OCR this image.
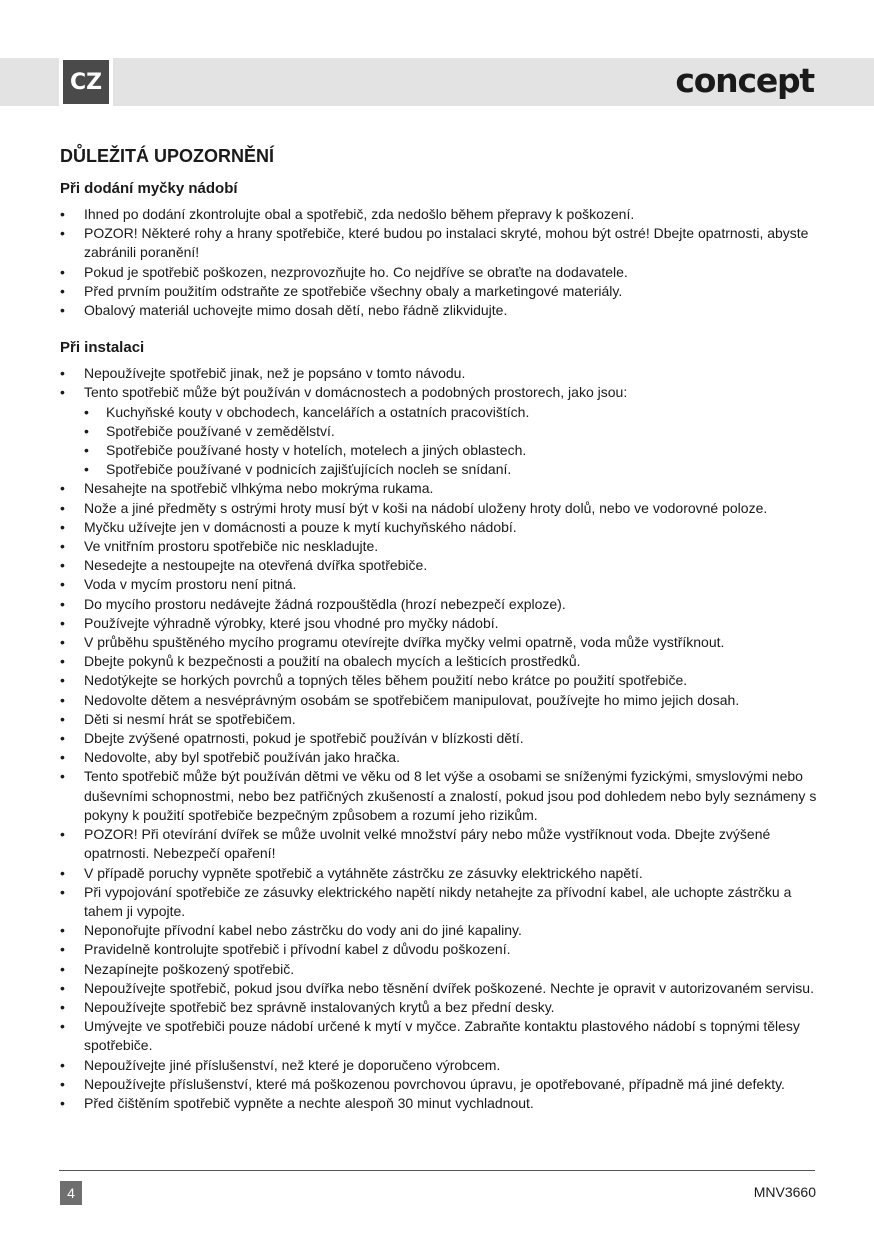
CZ	concept
DŮLEŽITÁ UPOZORNĚNÍ
Při dodání myčky nádobí
• Ihned po dodání zkontrolujte obal a spotřebič, zda nedošlo během přepravy k poškození.
• POZOR! Některé rohy a hrany spotřebiče, které budou po instalaci skryté, mohou být ostré! Dbejte opatrnosti, abyste zabránili poranění!
• Pokud je spotřebič poškozen, nezprovozňujte ho. Co nejdříve se obraťte na dodavatele.
• Před prvním použitím odstraňte ze spotřebiče všechny obaly a marketingové materiály.
• Obalový materiál uchovejte mimo dosah dětí, nebo řádně zlikvidujte.
Při instalaci
• Nepoužívejte spotřebič jinak, než je popsáno v tomto návodu.
• Tento spotřebič může být používán v domácnostech a podobných prostorech, jako jsou:
• Kuchyňské kouty v obchodech, kancelářích a ostatních pracovištích.
• Spotřebiče používané v zemědělství.
• Spotřebiče používané hosty v hotelích, motelech a jiných oblastech.
• Spotřebiče používané v podnicích zajišťujících nocleh se snídaní.
• Nesahejte na spotřebič vlhkýma nebo mokrýma rukama.
• Nože a jiné předměty s ostrými hroty musí být v koši na nádobí uloženy hroty dolů, nebo ve vodorovné poloze.
• Myčku užívejte jen v domácnosti a pouze k mytí kuchyňského nádobí.
• Ve vnitřním prostoru spotřebiče nic neskladujte.
• Nesedejte a nestoupejte na otevřená dvířka spotřebiče.
• Voda v mycím prostoru není pitná.
• Do mycího prostoru nedávejte žádná rozpouštědla (hrozí nebezpečí exploze).
• Používejte výhradně výrobky, které jsou vhodné pro myčky nádobí.
• V průběhu spuštěného mycího programu otevírejte dvířka myčky velmi opatrně, voda může vystříknout.
• Dbejte pokynů k bezpečnosti a použití na obalech mycích a lešticích prostředků.
• Nedotýkejte se horkých povrchů a topných těles během použití nebo krátce po použití spotřebiče.
• Nedovolte dětem a nesvéprávným osobám se spotřebičem manipulovat, používejte ho mimo jejich dosah.
• Děti si nesmí hrát se spotřebičem.
• Dbejte zvýšené opatrnosti, pokud je spotřebič používán v blízkosti dětí.
• Nedovolte, aby byl spotřebič používán jako hračka.
• Tento spotřebič může být používán dětmi ve věku od 8 let výše a osobami se sníženými fyzickými, smyslovými nebo duševními schopnostmi, nebo bez patřičných zkušeností a znalostí, pokud jsou pod dohledem nebo byly seznámeny s pokyny k použití spotřebiče bezpečným způsobem a rozumí jeho rizikům.
• POZOR! Při otevírání dvířek se může uvolnit velké množství páry nebo může vystříknout voda. Dbejte zvýšené opatrnosti. Nebezpečí opaření!
• V případě poruchy vypněte spotřebič a vytáhněte zástrčku ze zásuvky elektrického napětí.
• Při vypojování spotřebiče ze zásuvky elektrického napětí nikdy netahejte za přívodní kabel, ale uchopte zástrčku a tahem ji vypojte.
• Neponořujte přívodní kabel nebo zástrčku do vody ani do jiné kapaliny.
• Pravidelně kontrolujte spotřebič i přívodní kabel z důvodu poškození.
• Nezapínejte poškozený spotřebič.
• Nepoužívejte spotřebič, pokud jsou dvířka nebo těsnění dvířek poškozené. Nechte je opravit v autorizovaném servisu.
• Nepoužívejte spotřebič bez správně instalovaných krytů a bez přední desky.
• Umývejte ve spotřebiči pouze nádobí určené k mytí v myčce. Zabraňte kontaktu plastového nádobí s topnými tělesy spotřebiče.
• Nepoužívejte jiné příslušenství, než které je doporučeno výrobcem.
• Nepoužívejte příslušenství, které má poškozenou povrchovou úpravu, je opotřebované, případně má jiné defekty.
• Před čištěním spotřebič vypněte a nechte alespoň 30 minut vychladnout.
4	MNV3660
